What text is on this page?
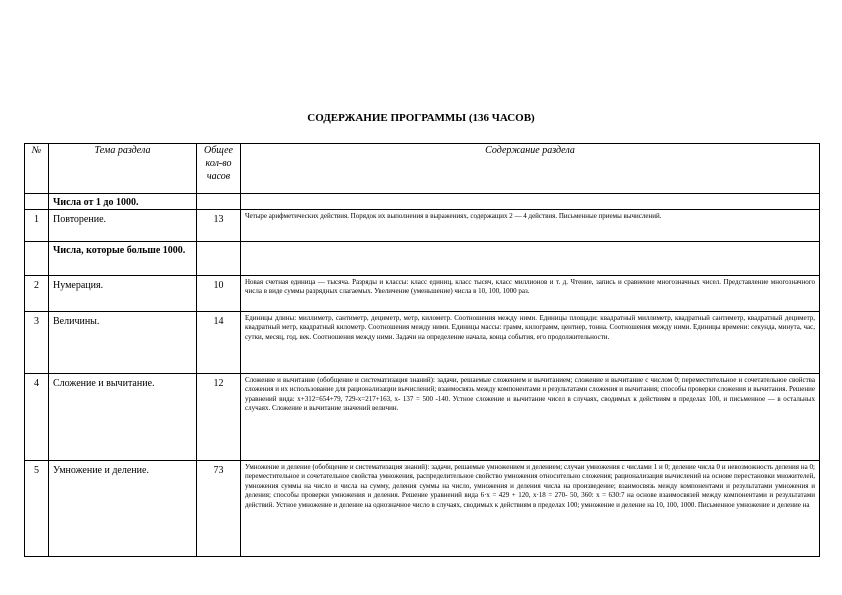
СОДЕРЖАНИЕ ПРОГРАММЫ (136 ЧАСОВ)
№	Тема раздела	Общее
кол-во
часов	Содержание раздела
	Числа от 1 до 1000.		
1	Повторение.	13	Четыре арифметических действия. Порядок их выполнения в выражениях, содержащих 2 — 4 действия. Письменные приемы вычислений.
	Числа, которые больше 1000.		
2	Нумерация.	10	Новая счетная единица — тысяча. Разряды и классы: класс единиц, класс тысяч, класс миллионов и т. д. Чтение, запись и сравнение многозначных чисел. Представление многозначного числа в виде суммы разрядных слагаемых. Увеличение (уменьшение) числа в 10, 100, 1000 раз.
3	Величины.	14	Единицы длины: миллиметр, сантиметр, дециметр, метр, километр. Соотношения между ними. Единицы площади: квадратный миллиметр, квадратный сантиметр, квадратный дециметр, квадратный метр, квадратный километр. Соотношения между ними. Единицы массы: грамм, килограмм, центнер, тонна. Соотношения между ними. Единицы времени: секунда, минута, час, сутки, месяц, год, век. Соотношения между ними. Задачи на определение начала, конца события, его продолжительности.
4	Сложение и вычитание.	12	Сложение и вычитание (обобщение и систематизация знаний): задачи, решаемые сложением и вычитанием; сложение и вычитание с числом 0; переместительное и сочетательное свойства сложения и их использование для рационализации вычислений; взаимосвязь между компонентами и результатами сложения и вычитания; способы проверки сложения и вычитания. Решение уравнений вида: х+312=654+79, 729-х=217+163, х- 137 = 500 -140. Устное сложение и вычитание чисел в случаях, сводимых к действиям в пределах 100, и письменное — в остальных случаях. Сложение и вычитание значений величин.
5	Умножение и деление.	73	Умножение и деление (обобщение и систематизация знаний): задачи, решаемые умножением и делением; случаи умножения с числами 1 и 0; деление числа 0 и невозможность деления на 0; переместительное и сочетательное свойства умножения, распределительное свойство умножения относительно сложения; рационализация вычислений на основе перестановки множителей, умножения суммы на число и числа на сумму, деления суммы на число, умножения и деления числа на произведение; взаимосвязь между компонентами и результатами умножения и деления; способы проверки умножения и деления. Решение уравнений вида 6·х = 429 + 120, х·18 = 270- 50, 360: х = 630:7 на основе взаимосвязей между компонентами и результатами действий. Устное умножение и деление на однозначное число в случаях, сводимых к действиям в пределах 100; умножение и деление на 10, 100, 1000. Письменное умножение и деление на
